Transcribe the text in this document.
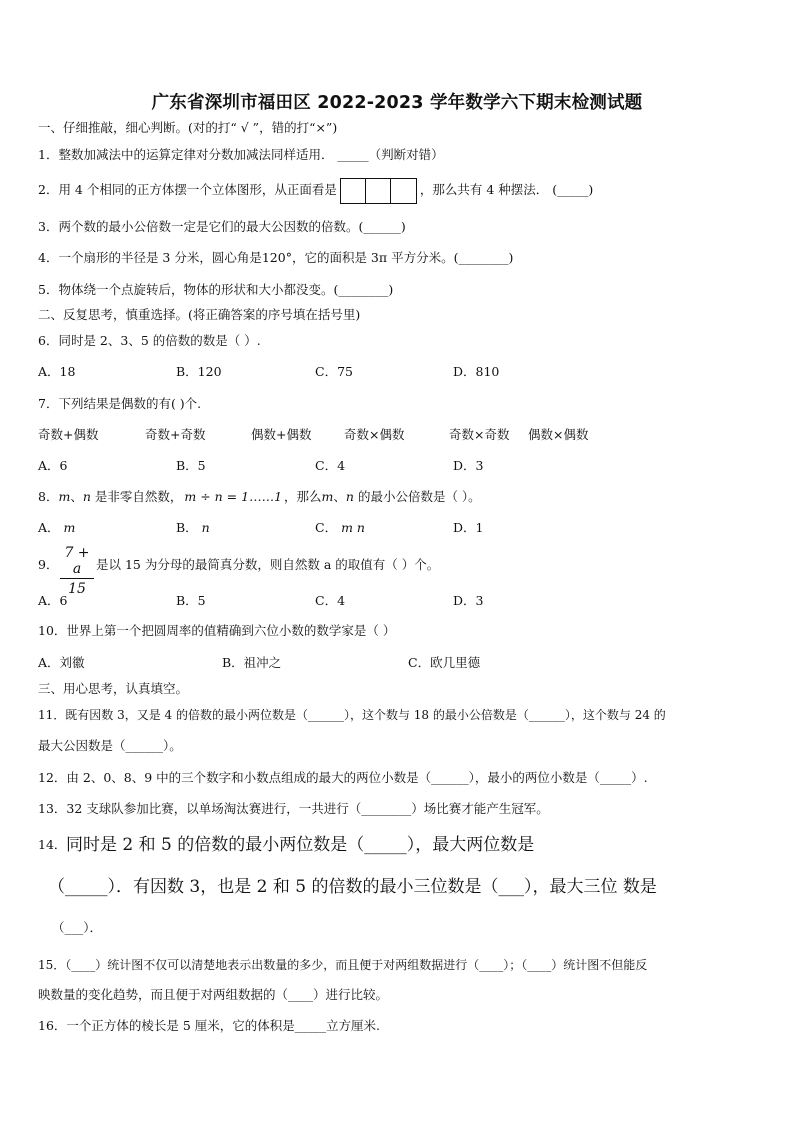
广东省深圳市福田区 2022-2023 学年数学六下期末检测试题
一、仔细推敲，细心判断。(对的打“ √ ”，错的打“×”)
1．整数加减法中的运算定律对分数加减法同样适用． _____（判断对错）
2．用 4 个相同的正方体摆一个立体图形，从正面看是	，那么共有 4 种摆法． (_____)
3．两个数的最小公倍数一定是它们的最大公因数的倍数。(______)
4．一个扇形的半径是 3 分米，圆心角是120°，它的面积是 3π 平方分米。(________)
5．物体绕一个点旋转后，物体的形状和大小都没变。(________)
二、反复思考，慎重选择。(将正确答案的序号填在括号里)
6．同时是 2、3、5 的倍数的数是（ ）.
A．18	B．120	C．75	D．810
7．下列结果是偶数的有( )个.
奇数+偶数	奇数+奇数	偶数+偶数	奇数×偶数	奇数×奇数 偶数×偶数
A．6	B．5	C．4	D．3
8．m、n 是非零自然数， m ÷ n = 1……1 ，那么m、n 的最小公倍数是（ ）。
A． m	B． n	C． m n	D．1
9． $\frac{7 + a}{15}$ 是以 15 为分母的最简真分数，则自然数 a 的取值有（ ）个。
A．6	B．5	C．4	D．3
10．世界上第一个把圆周率的值精确到六位小数的数学家是（ ）
A．刘徽	B．祖冲之	C．欧几里德
三、用心思考，认真填空。
11．既有因数 3，又是 4 的倍数的最小两位数是（______），这个数与 18 的最小公倍数是（______），这个数与 24 的
最大公因数是（______）。
12．由 2、0、8、9 中的三个数字和小数点组成的最大的两位小数是（______），最小的两位小数是（_____）.
13．32 支球队参加比赛，以单场淘汰赛进行，一共进行（________）场比赛才能产生冠军。
14． 同时是 2 和 5 的倍数的最小两位数是（_____），最大两位数是
（_____）．有因数 3，也是 2 和 5 的倍数的最小三位数是（___），最大三位 数是
（___）．
15．（____）统计图不仅可以清楚地表示出数量的多少，而且便于对两组数据进行（____）；（____）统计图不但能反
映数量的变化趋势，而且便于对两组数据的（____）进行比较。
16．一个正方体的棱长是 5 厘米，它的体积是_____立方厘米.
